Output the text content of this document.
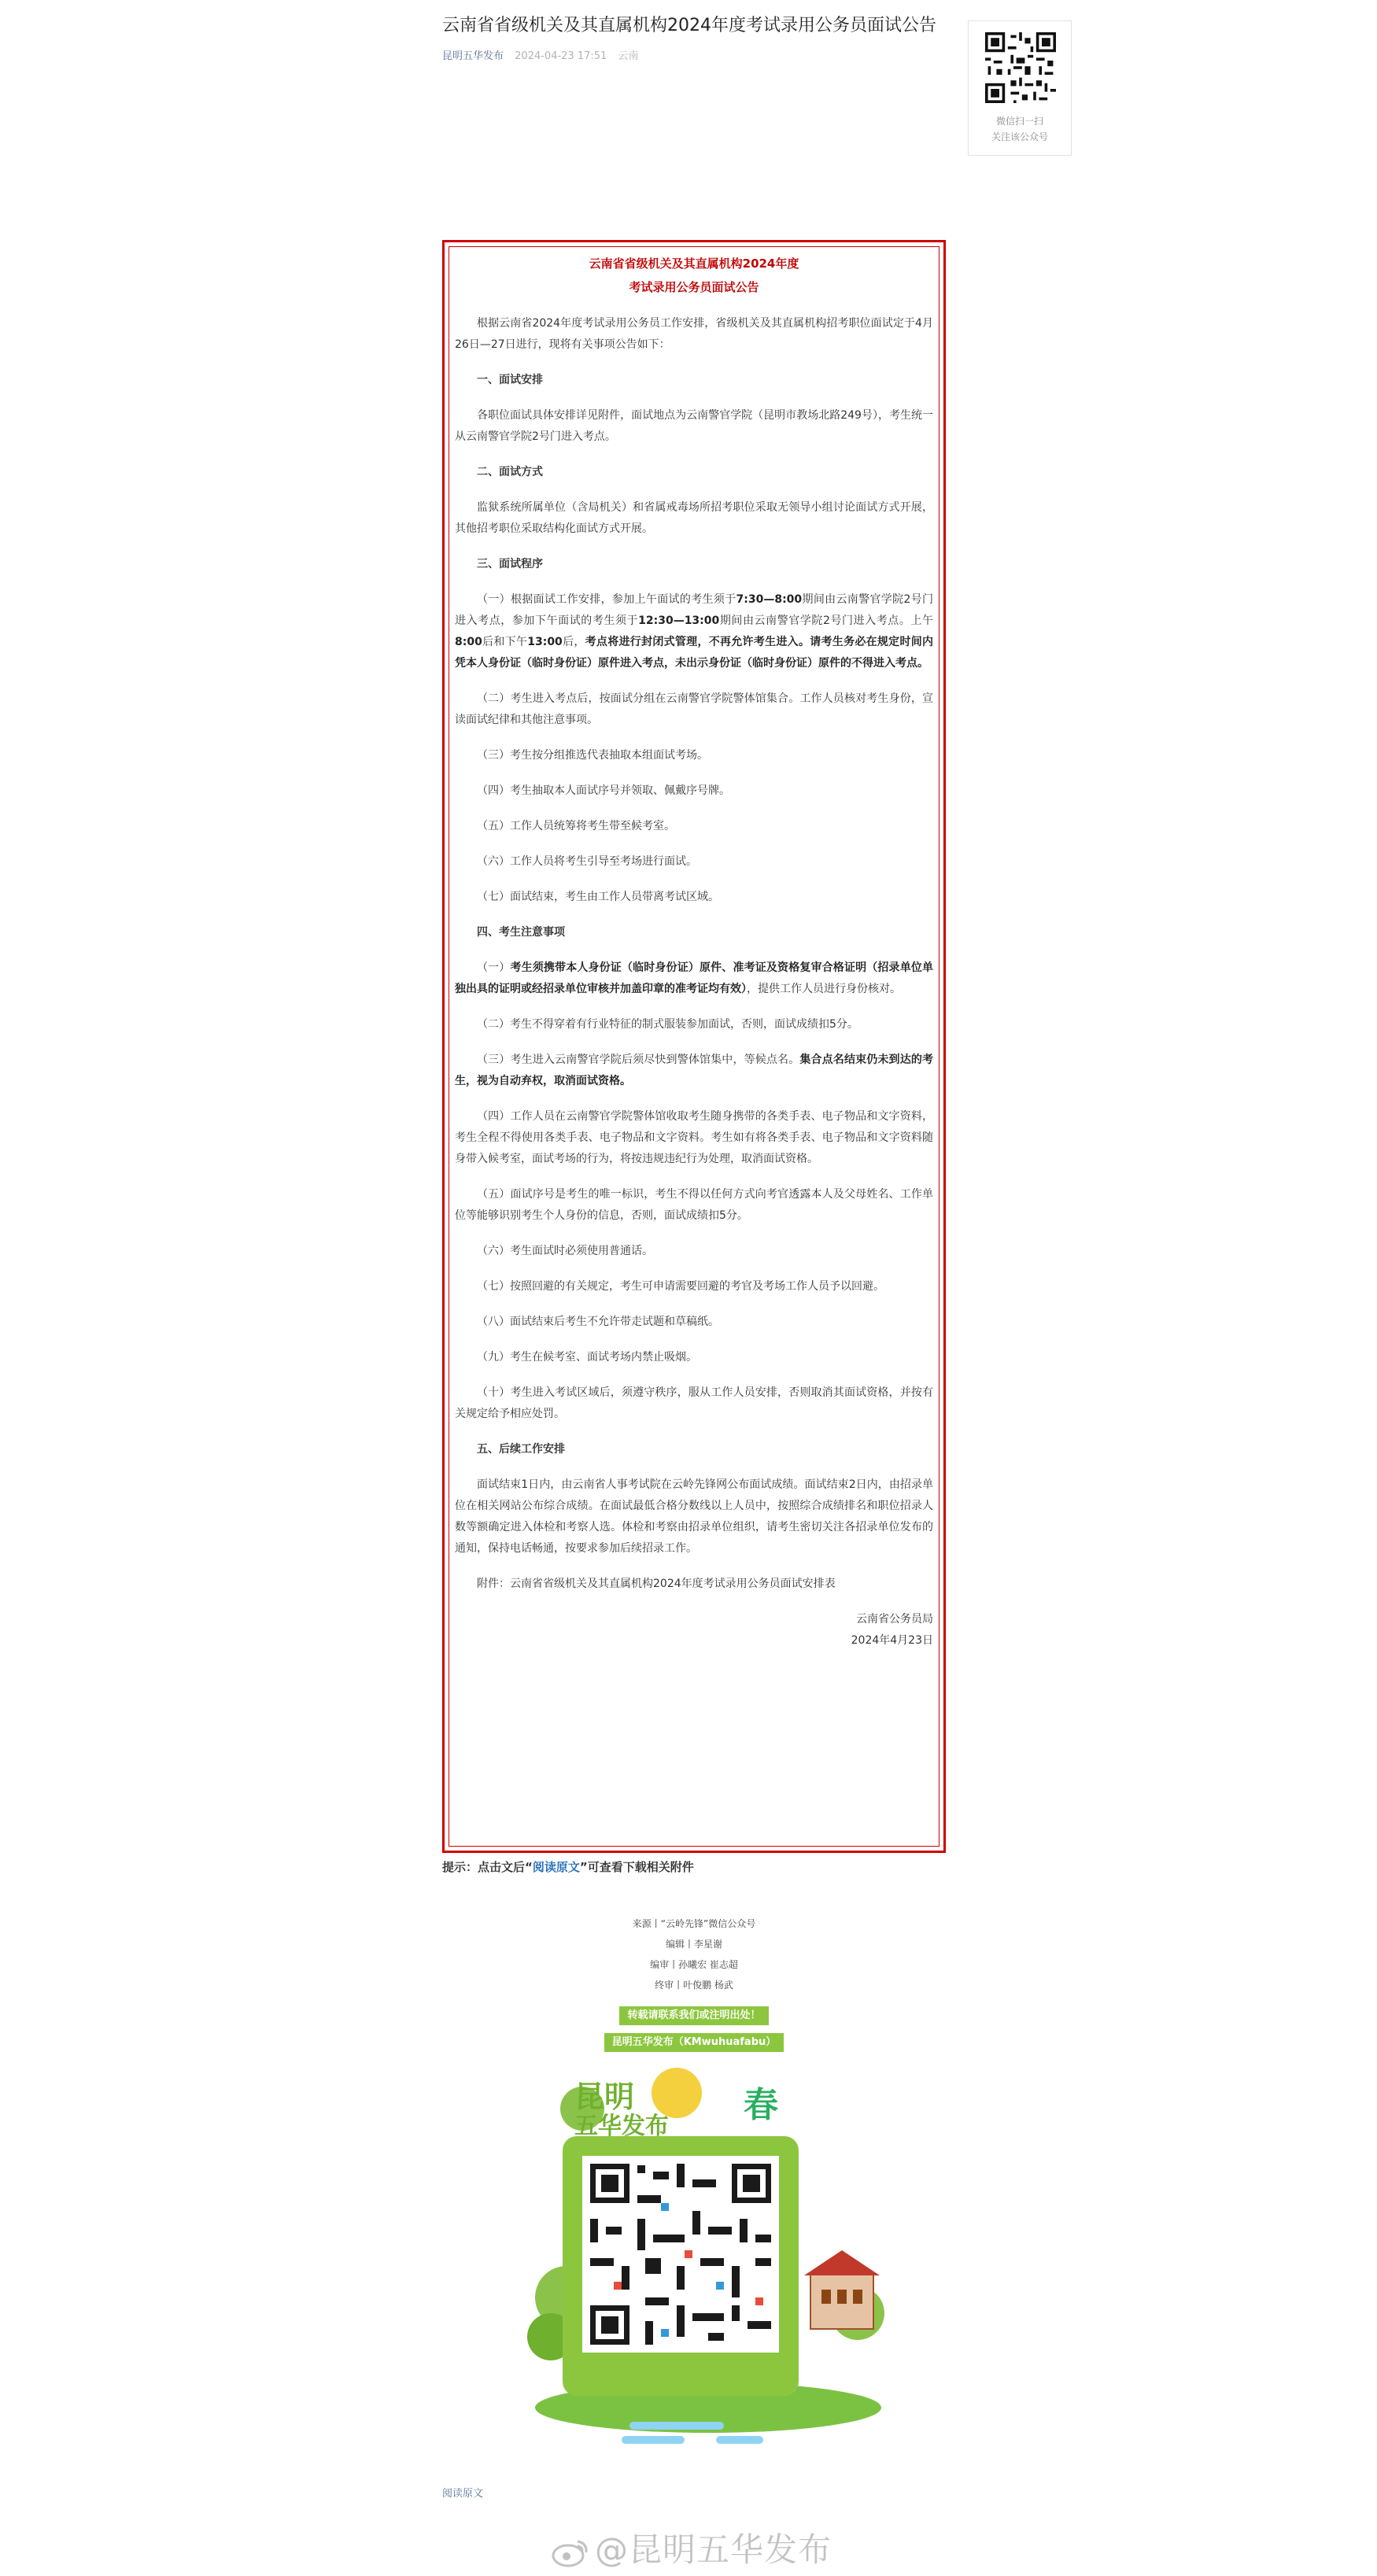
云南省省级机关及其直属机构2024年度考试录用公务员面试公告
昆明五华发布 2024-04-23 17:51 云南
微信扫一扫
关注该公众号
云南省省级机关及其直属机构2024年度
考试录用公务员面试公告

根据云南省2024年度考试录用公务员工作安排，省级机关及其直属机构招考职位面试定于4月26日—27日进行，现将有关事项公告如下：

一、面试安排

各职位面试具体安排详见附件，面试地点为云南警官学院（昆明市教场北路249号），考生统一从云南警官学院2号门进入考点。

二、面试方式

监狱系统所属单位（含局机关）和省属戒毒场所招考职位采取无领导小组讨论面试方式开展，其他招考职位采取结构化面试方式开展。

三、面试程序

（一）根据面试工作安排，参加上午面试的考生须于7:30—8:00期间由云南警官学院2号门进入考点，参加下午面试的考生须于12:30—13:00期间由云南警官学院2号门进入考点。上午8:00后和下午13:00后，考点将进行封闭式管理，不再允许考生进入。请考生务必在规定时间内凭本人身份证（临时身份证）原件进入考点，未出示身份证（临时身份证）原件的不得进入考点。

（二）考生进入考点后，按面试分组在云南警官学院警体馆集合。工作人员核对考生身份，宣读面试纪律和其他注意事项。

（三）考生按分组推选代表抽取本组面试考场。

（四）考生抽取本人面试序号并领取、佩戴序号牌。

（五）工作人员统筹将考生带至候考室。

（六）工作人员将考生引导至考场进行面试。

（七）面试结束，考生由工作人员带离考试区域。

四、考生注意事项

（一）考生须携带本人身份证（临时身份证）原件、准考证及资格复审合格证明（招录单位单独出具的证明或经招录单位审核并加盖印章的准考证均有效），提供工作人员进行身份核对。

（二）考生不得穿着有行业特征的制式服装参加面试，否则，面试成绩扣5分。

（三）考生进入云南警官学院后须尽快到警体馆集中，等候点名。集合点名结束仍未到达的考生，视为自动弃权，取消面试资格。

（四）工作人员在云南警官学院警体馆收取考生随身携带的各类手表、电子物品和文字资料，考生全程不得使用各类手表、电子物品和文字资料。考生如有将各类手表、电子物品和文字资料随身带入候考室，面试考场的行为，将按违规违纪行为处理，取消面试资格。

（五）面试序号是考生的唯一标识，考生不得以任何方式向考官透露本人及父母姓名、工作单位等能够识别考生个人身份的信息，否则，面试成绩扣5分。

（六）考生面试时必须使用普通话。

（七）按照回避的有关规定，考生可申请需要回避的考官及考场工作人员予以回避。

（八）面试结束后考生不允许带走试题和草稿纸。

（九）考生在候考室、面试考场内禁止吸烟。

（十）考生进入考试区域后，须遵守秩序，服从工作人员安排，否则取消其面试资格，并按有关规定给予相应处罚。

五、后续工作安排

面试结束1日内，由云南省人事考试院在云岭先锋网公布面试成绩。面试结束2日内，由招录单位在相关网站公布综合成绩。在面试最低合格分数线以上人员中，按照综合成绩排名和职位招录人数等额确定进入体检和考察人选。体检和考察由招录单位组织，请考生密切关注各招录单位发布的通知，保持电话畅通，按要求参加后续招录工作。

附件：云南省省级机关及其直属机构2024年度考试录用公务员面试安排表

云南省公务员局

2024年4月23日

提示：点击文后“阅读原文”可查看下载相关附件
来源丨“云岭先锋”微信公众号
编辑丨李星谢
编审丨孙曦宏 崔志超
终审丨叶俊鹏 杨武
转载请联系我们或注明出处！
昆明五华发布（KMwuhuafabu）
昆明
五华发布
春
阅读原文
@昆明五华发布
